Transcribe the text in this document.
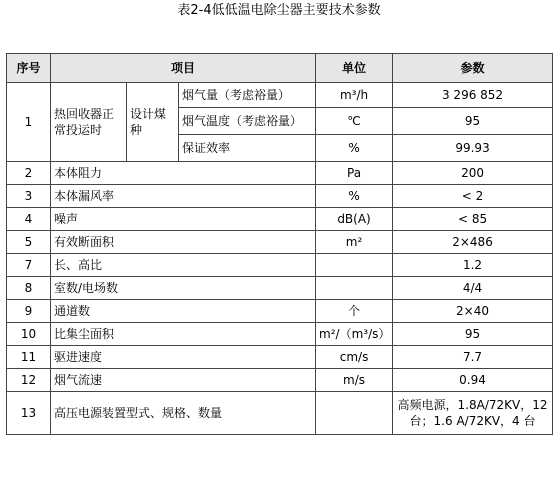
表2-4低低温电除尘器主要技术参数
序号	项目			单位	参数
1	热回收器正常投运时	设计煤种	烟气量（考虑裕量）	m³/h	3 296 852
			烟气温度（考虑裕量）	℃	95
			保证效率	%	99.93
2	本体阻力			Pa	200
3	本体漏风率			%	< 2
4	噪声			dB(A)	< 85
5	有效断面积			m²	2×486
7	长、高比				1.2
8	室数/电场数				4/4
9	通道数			个	2×40
10	比集尘面积			m²/（m³/s）	95
11	驱进速度			cm/s	7.7
12	烟气流速			m/s	0.94
13	高压电源装置型式、规格、数量				高频电源，1.8A/72KV，12台；1.6 A/72KV，4 台
